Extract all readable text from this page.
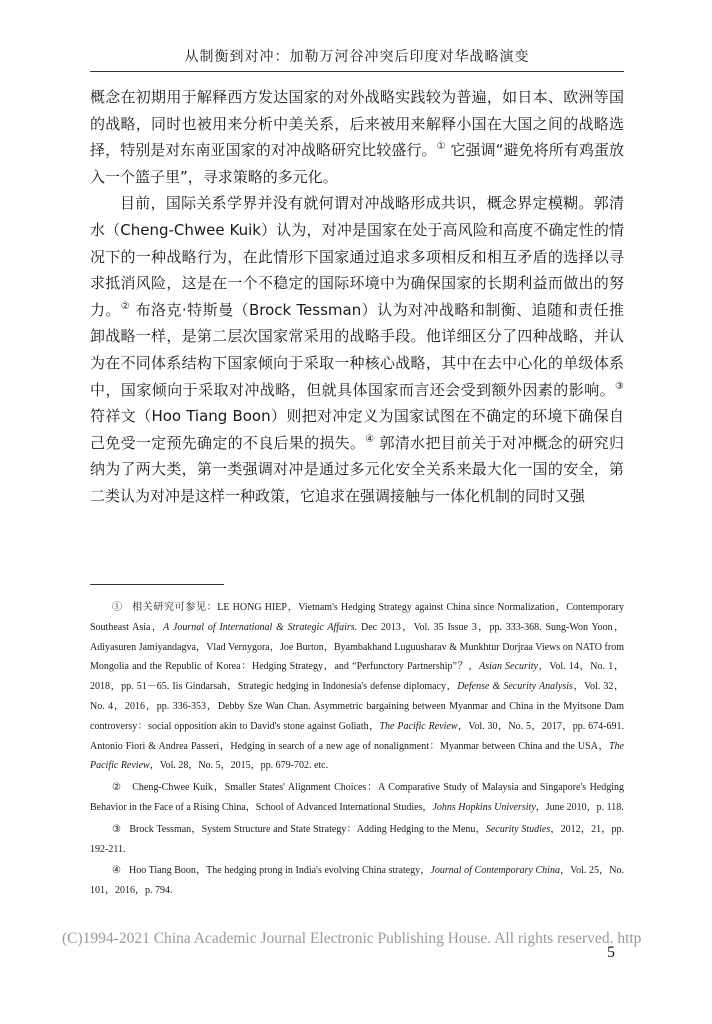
从制衡到对冲：加勒万河谷冲突后印度对华战略演变

概念在初期用于解释西方发达国家的对外战略实践较为普遍，如日本、欧洲等国的战略，同时也被用来分析中美关系，后来被用来解释小国在大国之间的战略选择，特别是对东南亚国家的对冲战略研究比较盛行。① 它强调“避免将所有鸡蛋放入一个篮子里”，寻求策略的多元化。

目前，国际关系学界并没有就何谓对冲战略形成共识，概念界定模糊。郭清水（Cheng-Chwee Kuik）认为，对冲是国家在处于高风险和高度不确定性的情况下的一种战略行为，在此情形下国家通过追求多项相反和相互矛盾的选择以寻求抵消风险，这是在一个不稳定的国际环境中为确保国家的长期利益而做出的努力。② 布洛克·特斯曼（Brock Tessman）认为对冲战略和制衡、追随和责任推卸战略一样，是第二层次国家常采用的战略手段。他详细区分了四种战略，并认为在不同体系结构下国家倾向于采取一种核心战略，其中在去中心化的单级体系中，国家倾向于采取对冲战略，但就具体国家而言还会受到额外因素的影响。③ 符祥文（Hoo Tiang Boon）则把对冲定义为国家试图在不确定的环境下确保自己免受一定预先确定的不良后果的损失。④ 郭清水把目前关于对冲概念的研究归纳为了两大类，第一类强调对冲是通过多元化安全关系来最大化一国的安全，第二类认为对冲是这样一种政策，它追求在强调接触与一体化机制的同时又强

① 相关研究可参见：LE HONG HIEP，Vietnam's Hedging Strategy against China since Normalization，Contemporary Southeast Asia，A Journal of International & Strategic Affairs. Dec 2013，Vol. 35 Issue 3，pp. 333-368. Sung-Won Yoon，Adiyasuren Jamiyandagva，Vlad Vernygora，Joe Burton，Byambakhand Luguusharav & Munkhtur Dorjraa Views on NATO from Mongolia and the Republic of Korea：Hedging Strategy，and “Perfunctory Partnership”？，Asian Security，Vol. 14，No. 1，2018，pp. 51－65. Iis Gindarsah，Strategic hedging in Indonesia's defense diplomacy，Defense & Security Analysis，Vol. 32，No. 4，2016，pp. 336-353，Debby Sze Wan Chan. Asymmetric bargaining between Myanmar and China in the Myitsone Dam controversy：social opposition akin to David's stone against Goliath，The Pacific Review，Vol. 30，No. 5，2017，pp. 674-691. Antonio Fiori & Andrea Passeri，Hedging in search of a new age of nonalignment：Myanmar between China and the USA，The Pacific Review，Vol. 28，No. 5，2015，pp. 679-702. etc.

② Cheng-Chwee Kuik，Smaller States' Alignment Choices：A Comparative Study of Malaysia and Singapore's Hedging Behavior in the Face of a Rising China，School of Advanced International Studies，Johns Hopkins University，June 2010，p. 118.

③ Brock Tessman，System Structure and State Strategy：Adding Hedging to the Menu，Security Studies，2012，21，pp. 192-211.

④ Hoo Tiang Boon，The hedging prong in India's evolving China strategy，Journal of Contemporary China，Vol. 25，No. 101，2016，p. 794.

(C)1994-2021 China Academic Journal Electronic Publishing House. All rights reserved. http
5
